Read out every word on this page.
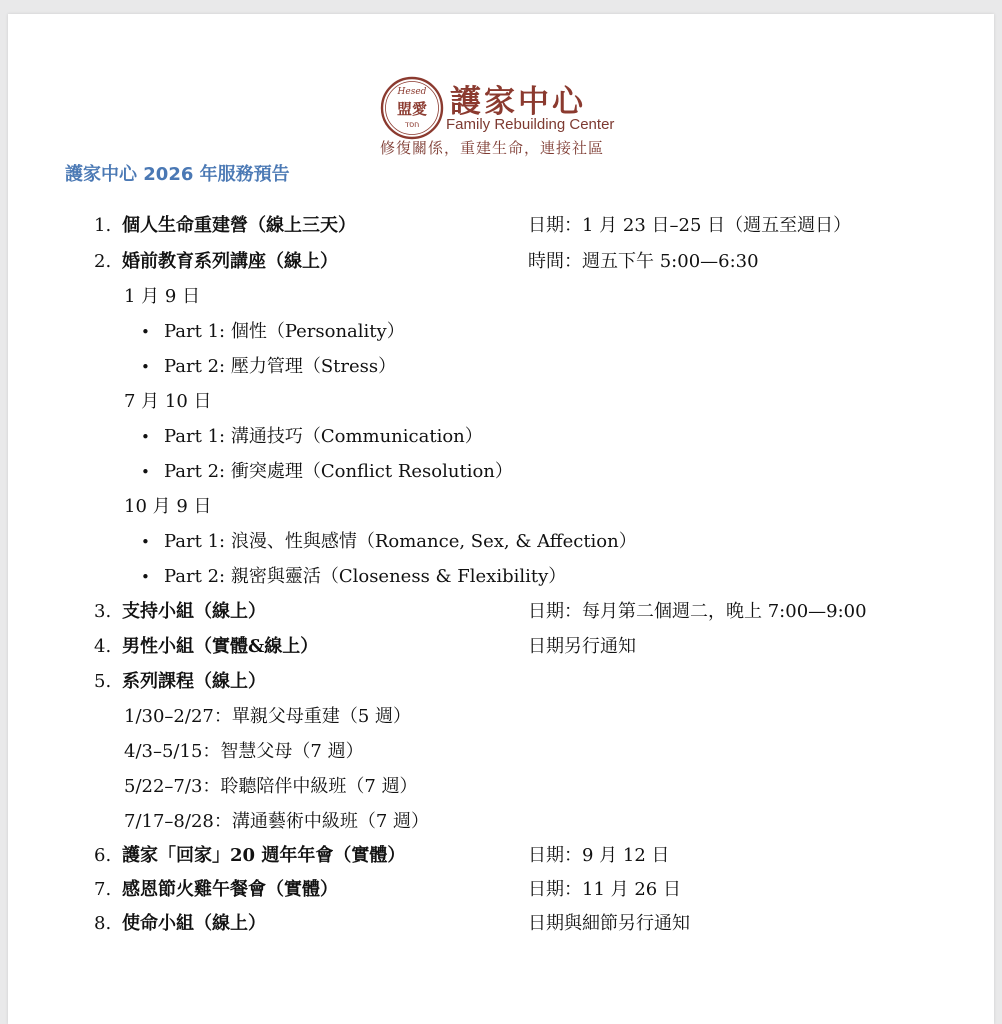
Hesed
盟愛
חסד
護家中心
Family Rebuilding Center
修復關係，重建生命，連接社區
護家中心 2026 年服務預告
1. 個人生命重建營（線上三天）	日期：1 月 23 日–25 日（週五至週日）
2. 婚前教育系列講座（線上）	時間：週五下午 5:00—6:30
1 月 9 日
• Part 1: 個性（Personality）
• Part 2: 壓力管理（Stress）
7 月 10 日
• Part 1: 溝通技巧（Communication）
• Part 2: 衝突處理（Conflict Resolution）
10 月 9 日
• Part 1: 浪漫、性與感情（Romance, Sex, & Affection）
• Part 2: 親密與靈活（Closeness & Flexibility）
3. 支持小組（線上）	日期：每月第二個週二，晚上 7:00—9:00
4. 男性小組（實體&線上）	日期另行通知
5. 系列課程（線上）
1/30–2/27：單親父母重建（5 週）
4/3–5/15：智慧父母（7 週）
5/22–7/3：聆聽陪伴中級班（7 週）
7/17–8/28：溝通藝術中級班（7 週）
6. 護家「回家」20 週年年會（實體）	日期：9 月 12 日
7. 感恩節火雞午餐會（實體）	日期：11 月 26 日
8. 使命小組（線上）	日期與細節另行通知
